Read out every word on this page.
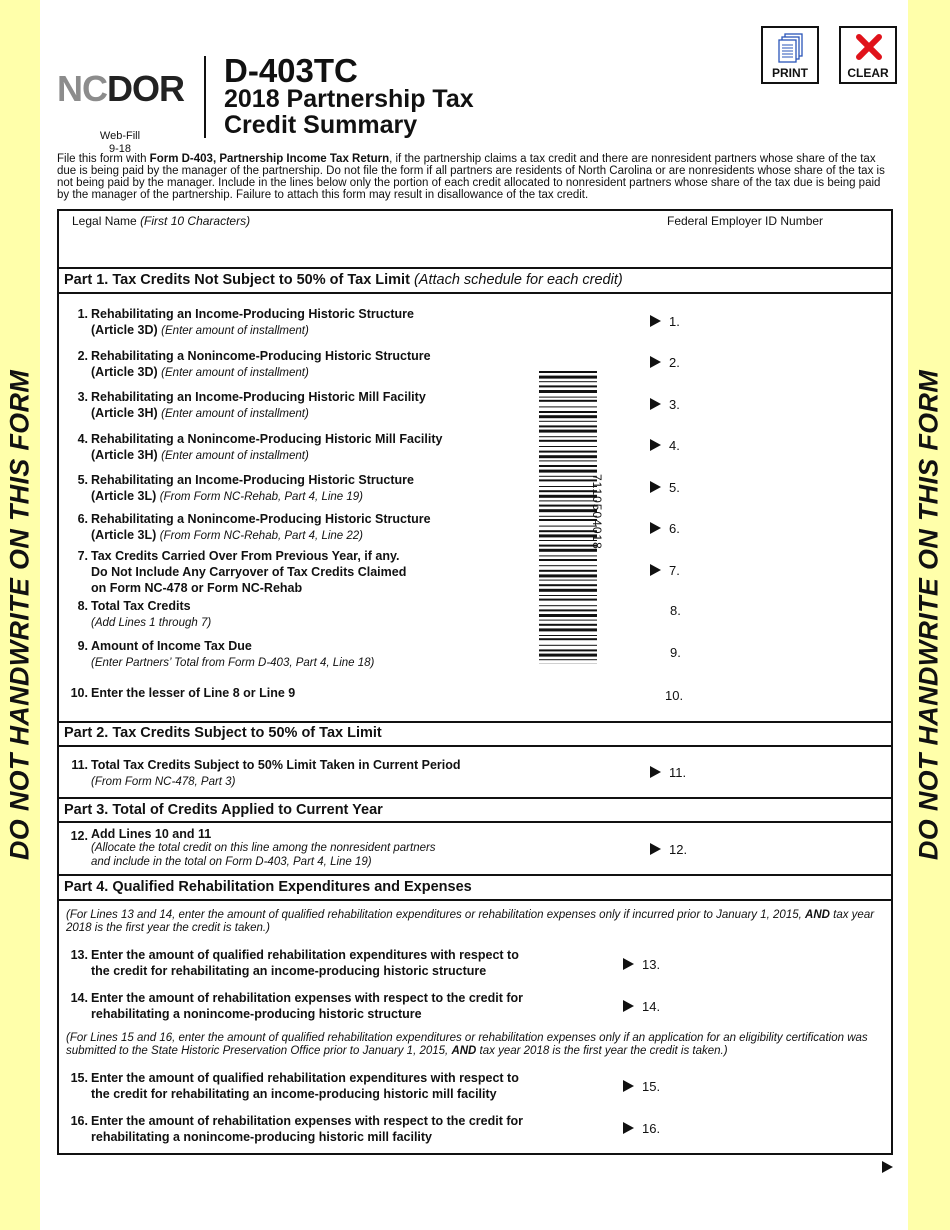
DO NOT HANDWRITE ON THIS FORM	DO NOT HANDWRITE ON THIS FORM
NCDOR
Web-Fill
9-18
D-403TC
2018 Partnership Tax
Credit Summary
PRINT	CLEAR
File this form with Form D-403, Partnership Income Tax Return, if the partnership claims a tax credit and there are nonresident partners whose share of the tax due is being paid by the manager of the partnership. Do not file the form if all partners are residents of North Carolina or are nonresidents whose share of the tax is not being paid by the manager. Include in the lines below only the portion of each credit allocated to nonresident partners whose share of the tax due is being paid by the manager of the partnership. Failure to attach this form may result in disallowance of the tax credit.
Legal Name (First 10 Characters)	Federal Employer ID Number
Part 1. Tax Credits Not Subject to 50% of Tax Limit (Attach schedule for each credit)
1. Rehabilitating an Income-Producing Historic Structure
(Article 3D) (Enter amount of installment)
1.
2. Rehabilitating a Nonincome-Producing Historic Structure
(Article 3D) (Enter amount of installment)
2.
3. Rehabilitating an Income-Producing Historic Mill Facility
(Article 3H) (Enter amount of installment)
3.
4. Rehabilitating a Nonincome-Producing Historic Mill Facility
(Article 3H) (Enter amount of installment)
4.
5. Rehabilitating an Income-Producing Historic Structure
(Article 3L) (From Form NC-Rehab, Part 4, Line 19)
5.
6. Rehabilitating a Nonincome-Producing Historic Structure
(Article 3L) (From Form NC-Rehab, Part 4, Line 22)	6.
7. Tax Credits Carried Over From Previous Year, if any.
Do Not Include Any Carryover of Tax Credits Claimed
on Form NC-478 or Form NC-Rehab
7.
8. Total Tax Credits
(Add Lines 1 through 7)
8.
9. Amount of Income Tax Due
(Enter Partners’ Total from Form D-403, Part 4, Line 18)
9.
10. Enter the lesser of Line 8 or Line 9	10.
7110504018
Part 2. Tax Credits Subject to 50% of Tax Limit
11. Total Tax Credits Subject to 50% Limit Taken in Current Period
(From Form NC-478, Part 3)
11.
Part 3. Total of Credits Applied to Current Year
12. Add Lines 10 and 11
(Allocate the total credit on this line among the nonresident partners
and include in the total on Form D-403, Part 4, Line 19)
12.
Part 4. Qualified Rehabilitation Expenditures and Expenses
(For Lines 13 and 14, enter the amount of qualified rehabilitation expenditures or rehabilitation expenses only if incurred prior to January 1, 2015, AND tax year 2018 is the first year the credit is taken.)
13. Enter the amount of qualified rehabilitation expenditures with respect to
the credit for rehabilitating an income-producing historic structure	13.
14. Enter the amount of rehabilitation expenses with respect to the credit for
rehabilitating a nonincome-producing historic structure	14.
(For Lines 15 and 16, enter the amount of qualified rehabilitation expenditures or rehabilitation expenses only if an application for an eligibility certification was submitted to the State Historic Preservation Office prior to January 1, 2015, AND tax year 2018 is the first year the credit is taken.)
15. Enter the amount of qualified rehabilitation expenditures with respect to
the credit for rehabilitating an income-producing historic mill facility	15.
16. Enter the amount of rehabilitation expenses with respect to the credit for
rehabilitating a nonincome-producing historic mill facility
16.
